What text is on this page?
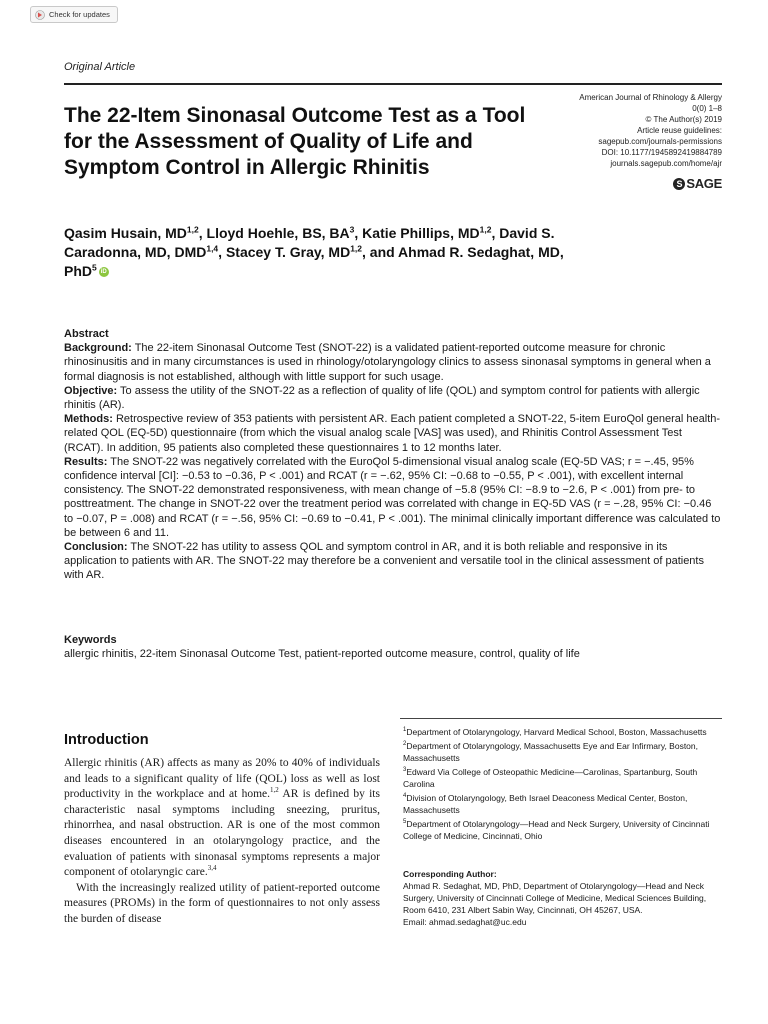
Check for updates
Original Article
The 22-Item Sinonasal Outcome Test as a Tool for the Assessment of Quality of Life and Symptom Control in Allergic Rhinitis
American Journal of Rhinology & Allergy
0(0) 1–8
© The Author(s) 2019
Article reuse guidelines:
sagepub.com/journals-permissions
DOI: 10.1177/1945892419884789
journals.sagepub.com/home/ajr
S SAGE
Qasim Husain, MD$^{1,2}$, Lloyd Hoehle, BS, $BA^3$, Katie Phillips, MD$^{1,2}$, David S. Caradonna, MD, DMD$^{1,4}$, Stacey T. Gray, MD$^{1,2}$, and Ahmad R. Sedaghat, MD, PhD$^5$ iD

Abstract

Background: The 22-item Sinonasal Outcome Test (SNOT-22) is a validated patient-reported outcome measure for chronic rhinosinusitis and in many circumstances is used in rhinology/otolaryngology clinics to assess sinonasal symptoms in general when a formal diagnosis is not established, although with little support for such usage.

Objective: To assess the utility of the SNOT-22 as a reflection of quality of life (QOL) and symptom control for patients with allergic rhinitis (AR).

Methods: Retrospective review of 353 patients with persistent AR. Each patient completed a SNOT-22, 5-item EuroQol general health-related QOL (EQ-5D) questionnaire (from which the visual analog scale [VAS] was used), and Rhinitis Control Assessment Test (RCAT). In addition, 95 patients also completed these questionnaires 1 to 12 months later.

Results: The SNOT-22 was negatively correlated with the EuroQol 5-dimensional visual analog scale (EQ-5D VAS; r = −.45, 95% confidence interval [CI]: −0.53 to −0.36, P < .001) and RCAT (r = −.62, 95% CI: −0.68 to −0.55, P < .001), with excellent internal consistency. The SNOT-22 demonstrated responsiveness, with mean change of −5.8 (95% CI: −8.9 to −2.6, P < .001) from pre- to posttreatment. The change in SNOT-22 over the treatment period was correlated with change in EQ-5D VAS (r = −.28, 95% CI: −0.46 to −0.07, P = .008) and RCAT (r = −.56, 95% CI: −0.69 to −0.41, P < .001). The minimal clinically important difference was calculated to be between 6 and 11.

Conclusion: The SNOT-22 has utility to assess QOL and symptom control in AR, and it is both reliable and responsive in its application to patients with AR. The SNOT-22 may therefore be a convenient and versatile tool in the clinical assessment of patients with AR.

Keywords
allergic rhinitis, 22-item Sinonasal Outcome Test, patient-reported outcome measure, control, quality of life
Introduction

Allergic rhinitis (AR) affects as many as 20% to 40% of individuals and leads to a significant quality of life (QOL) loss as well as lost productivity in the workplace and at home.$^{1,2}$ AR is defined by its characteristic nasal symptoms including sneezing, pruritus, rhinorrhea, and nasal obstruction. AR is one of the most common diseases encountered in an otolaryngology practice, and the evaluation of patients with sinonasal symptoms represents a major component of otolaryngic care.$^{3,4}$

With the increasingly realized utility of patient-reported outcome measures (PROMs) in the form of questionnaires to not only assess the burden of disease

$^1$Department of Otolaryngology, Harvard Medical School, Boston, Massachusetts

$^2$Department of Otolaryngology, Massachusetts Eye and Ear Infirmary, Boston, Massachusetts

$^3$Edward Via College of Osteopathic Medicine—Carolinas, Spartanburg, South Carolina

$^4$Division of Otolaryngology, Beth Israel Deaconess Medical Center, Boston, Massachusetts

$^5$Department of Otolaryngology—Head and Neck Surgery, University of Cincinnati College of Medicine, Cincinnati, Ohio

Corresponding Author:
Ahmad R. Sedaghat, MD, PhD, Department of Otolaryngology—Head and Neck Surgery, University of Cincinnati College of Medicine, Medical Sciences Building, Room 6410, 231 Albert Sabin Way, Cincinnati, OH 45267, USA.
Email: ahmad.sedaghat@uc.edu
